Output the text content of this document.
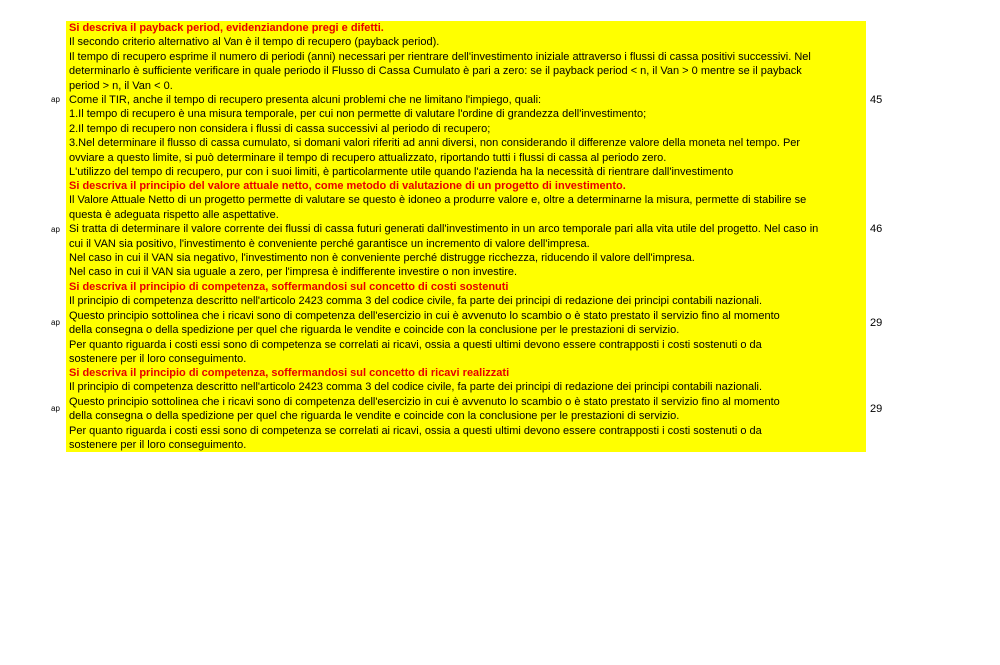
ap
Si descriva il payback period, evidenziandone pregi e difetti.
Il secondo criterio alternativo al Van è il tempo di recupero (payback period).
Il tempo di recupero esprime il numero di periodi (anni) necessari per rientrare dell'investimento iniziale attraverso i flussi di cassa positivi successivi. Nel
determinarlo è sufficiente verificare in quale periodo il Flusso di Cassa Cumulato è pari a zero: se il payback period < n, il Van > 0 mentre se il payback
period > n, il Van < 0.
Come il TIR, anche il tempo di recupero presenta alcuni problemi che ne limitano l'impiego, quali:
1.Il tempo di recupero è una misura temporale, per cui non permette di valutare l'ordine di grandezza dell'investimento;
2.Il tempo di recupero non considera i flussi di cassa successivi al periodo di recupero;
3.Nel determinare il flusso di cassa cumulato, si domani valori riferiti ad anni diversi, non considerando il differenze valore della moneta nel tempo. Per
ovviare a questo limite, si può determinare il tempo di recupero attualizzato, riportando tutti i flussi di cassa al periodo zero.
L'utilizzo del tempo di recupero, pur con i suoi limiti, è particolarmente utile quando l'azienda ha la necessità di rientrare dall'investimento
45
ap
Si descriva il principio del valore attuale netto, come metodo di valutazione di un progetto di investimento.
Il Valore Attuale Netto di un progetto permette di valutare se questo è idoneo a produrre valore e, oltre a determinarne la misura, permette di stabilire se
questa è adeguata rispetto alle aspettative.
Si tratta di determinare il valore corrente dei flussi di cassa futuri generati dall'investimento in un arco temporale pari alla vita utile del progetto. Nel caso in
cui il VAN sia positivo, l'investimento è conveniente perché garantisce un incremento di valore dell'impresa.
Nel caso in cui il VAN sia negativo, l'investimento non è conveniente perché distrugge ricchezza, riducendo il valore dell'impresa.
Nel caso in cui il VAN sia uguale a zero, per l'impresa è indifferente investire o non investire.
46
ap
Si descriva il principio di competenza, soffermandosi sul concetto di costi sostenuti
Il principio di competenza descritto nell'articolo 2423 comma 3 del codice civile, fa parte dei principi di redazione dei principi contabili nazionali.
Questo principio sottolinea che i ricavi sono di competenza dell'esercizio in cui è avvenuto lo scambio o è stato prestato il servizio fino al momento
della consegna o della spedizione per quel che riguarda le vendite e coincide con la conclusione per le prestazioni di servizio.
Per quanto riguarda i costi essi sono di competenza se correlati ai ricavi, ossia a questi ultimi devono essere contrapposti i costi sostenuti o da
sostenere per il loro conseguimento.
29
ap
Si descriva il principio di competenza, soffermandosi sul concetto di ricavi realizzati
Il principio di competenza descritto nell'articolo 2423 comma 3 del codice civile, fa parte dei principi di redazione dei principi contabili nazionali.
Questo principio sottolinea che i ricavi sono di competenza dell'esercizio in cui è avvenuto lo scambio o è stato prestato il servizio fino al momento
della consegna o della spedizione per quel che riguarda le vendite e coincide con la conclusione per le prestazioni di servizio.
Per quanto riguarda i costi essi sono di competenza se correlati ai ricavi, ossia a questi ultimi devono essere contrapposti i costi sostenuti o da
sostenere per il loro conseguimento.
29
